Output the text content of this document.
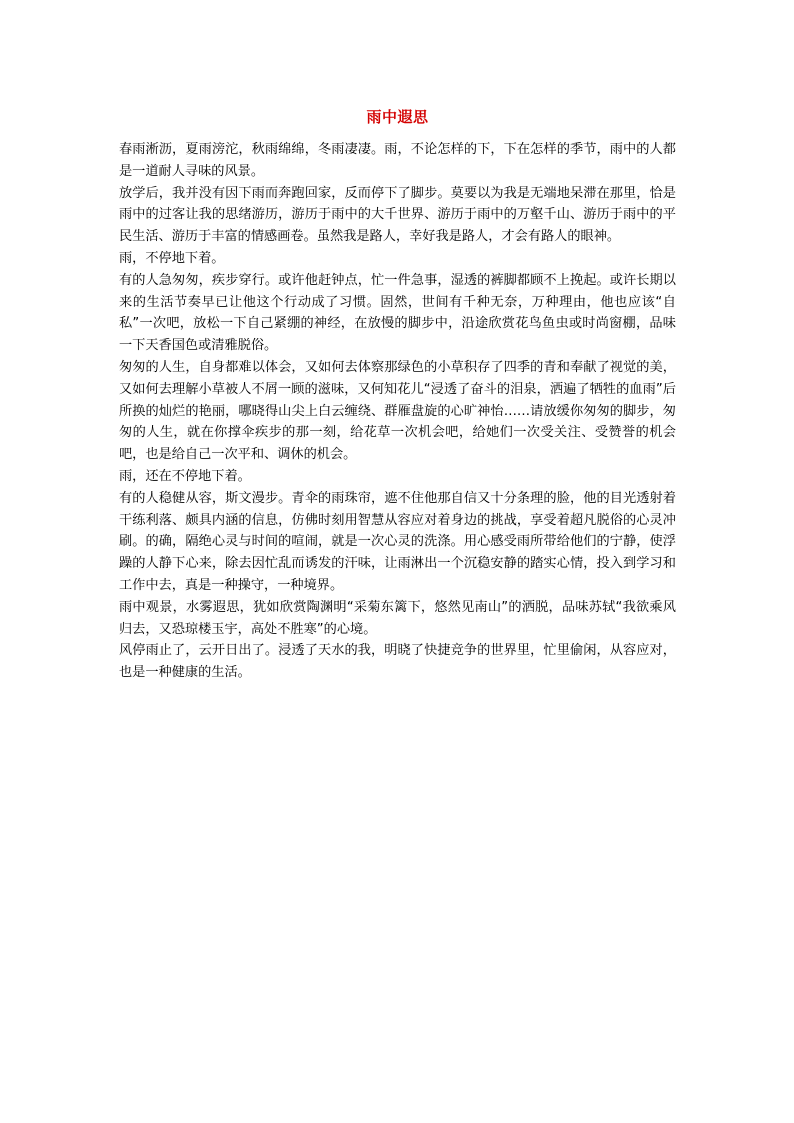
雨中遐思

春雨淅沥，夏雨滂沱，秋雨绵绵，冬雨凄凄。雨，不论怎样的下，下在怎样的季节，雨中的人都是一道耐人寻味的风景。

放学后，我并没有因下雨而奔跑回家，反而停下了脚步。莫要以为我是无端地呆滞在那里，恰是雨中的过客让我的思绪游历，游历于雨中的大千世界、游历于雨中的万壑千山、游历于雨中的平民生活、游历于丰富的情感画卷。虽然我是路人，幸好我是路人，才会有路人的眼神。

雨，不停地下着。

有的人急匆匆，疾步穿行。或许他赶钟点，忙一件急事，湿透的裤脚都顾不上挽起。或许长期以来的生活节奏早已让他这个行动成了习惯。固然，世间有千种无奈，万种理由，他也应该“自私”一次吧，放松一下自己紧绷的神经，在放慢的脚步中，沿途欣赏花鸟鱼虫或时尚窗棚，品味一下天香国色或清雅脱俗。

匆匆的人生，自身都难以体会，又如何去体察那绿色的小草积存了四季的青和奉献了视觉的美，又如何去理解小草被人不屑一顾的滋味，又何知花儿“浸透了奋斗的泪泉，洒遍了牺牲的血雨”后所换的灿烂的艳丽，哪晓得山尖上白云缠绕、群雁盘旋的心旷神怡……请放缓你匆匆的脚步，匆匆的人生，就在你撑伞疾步的那一刻，给花草一次机会吧，给她们一次受关注、受赞誉的机会吧，也是给自己一次平和、调休的机会。

雨，还在不停地下着。

有的人稳健从容，斯文漫步。青伞的雨珠帘，遮不住他那自信又十分条理的脸，他的目光透射着干练利落、颇具内涵的信息，仿佛时刻用智慧从容应对着身边的挑战，享受着超凡脱俗的心灵冲刷。的确，隔绝心灵与时间的喧闹，就是一次心灵的洗涤。用心感受雨所带给他们的宁静，使浮躁的人静下心来，除去因忙乱而诱发的汗味，让雨淋出一个沉稳安静的踏实心情，投入到学习和工作中去，真是一种操守，一种境界。

雨中观景，水雾遐思，犹如欣赏陶渊明“采菊东篱下，悠然见南山”的洒脱，品味苏轼“我欲乘风归去，又恐琼楼玉宇，高处不胜寒”的心境。

风停雨止了，云开日出了。浸透了天水的我，明晓了快捷竞争的世界里，忙里偷闲，从容应对，也是一种健康的生活。
